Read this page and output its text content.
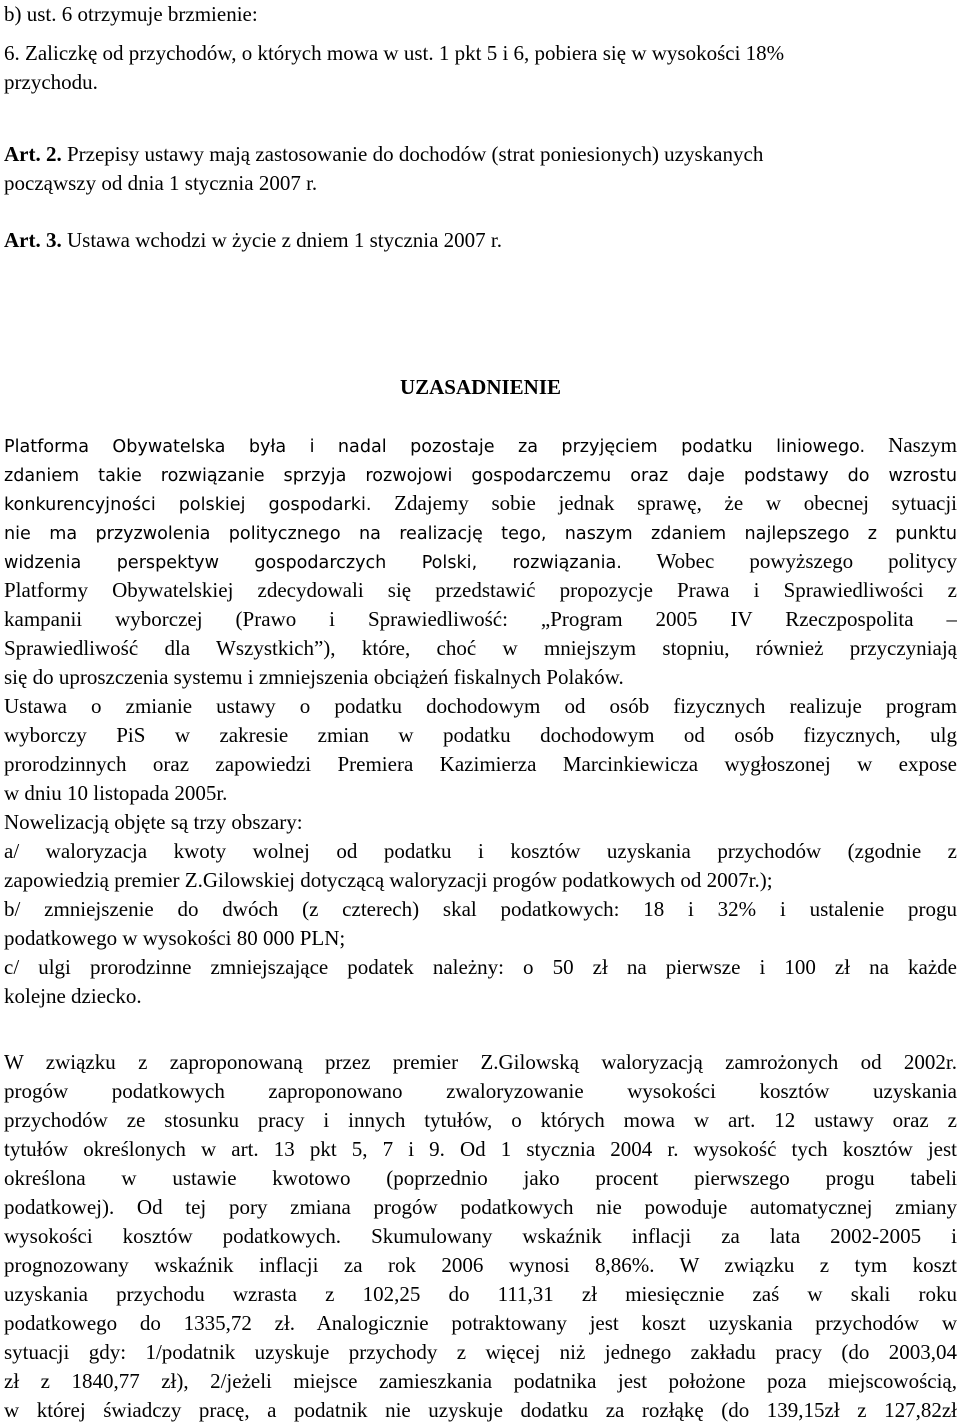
b) ust. 6 otrzymuje brzmienie:
6. Zaliczkę od przychodów, o których mowa w ust. 1 pkt 5 i 6, pobiera się w wysokości 18%
przychodu.
Art. 2. Przepisy ustawy mają zastosowanie do dochodów (strat poniesionych) uzyskanych
począwszy od dnia 1 stycznia 2007 r.
Art. 3. Ustawa wchodzi w życie z dniem 1 stycznia 2007 r.
UZASADNIENIE
Platforma Obywatelska była i nadal pozostaje za przyjęciem podatku liniowego. Naszym
zdaniem takie rozwiązanie sprzyja rozwojowi gospodarczemu oraz daje podstawy do wzrostu
konkurencyjności polskiej gospodarki. Zdajemy sobie jednak sprawę, że w obecnej sytuacji
nie ma przyzwolenia politycznego na realizację tego, naszym zdaniem najlepszego z punktu
widzenia perspektyw gospodarczych Polski, rozwiązania. Wobec powyższego politycy
Platformy Obywatelskiej zdecydowali się przedstawić propozycje Prawa i Sprawiedliwości z
kampanii wyborczej (Prawo i Sprawiedliwość: „Program 2005 IV Rzeczpospolita –
Sprawiedliwość dla Wszystkich”), które, choć w mniejszym stopniu, również przyczyniają
się do uproszczenia systemu i zmniejszenia obciążeń fiskalnych Polaków.
Ustawa o zmianie ustawy o podatku dochodowym od osób fizycznych realizuje program
wyborczy PiS w zakresie zmian w podatku dochodowym od osób fizycznych, ulg
prorodzinnych oraz zapowiedzi Premiera Kazimierza Marcinkiewicza wygłoszonej w expose
w dniu 10 listopada 2005r.
Nowelizacją objęte są trzy obszary:
a/ waloryzacja kwoty wolnej od podatku i kosztów uzyskania przychodów (zgodnie z
zapowiedzią premier Z.Gilowskiej dotyczącą waloryzacji progów podatkowych od 2007r.);
b/ zmniejszenie do dwóch (z czterech) skal podatkowych: 18 i 32% i ustalenie progu
podatkowego w wysokości 80 000 PLN;
c/ ulgi prorodzinne zmniejszające podatek należny: o 50 zł na pierwsze i 100 zł na każde
kolejne dziecko.
W związku z zaproponowaną przez premier Z.Gilowską waloryzacją zamrożonych od 2002r.
progów podatkowych zaproponowano zwaloryzowanie wysokości kosztów uzyskania
przychodów ze stosunku pracy i innych tytułów, o których mowa w art. 12 ustawy oraz z
tytułów określonych w art. 13 pkt 5, 7 i 9. Od 1 stycznia 2004 r. wysokość tych kosztów jest
określona w ustawie kwotowo (poprzednio jako procent pierwszego progu tabeli
podatkowej). Od tej pory zmiana progów podatkowych nie powoduje automatycznej zmiany
wysokości kosztów podatkowych. Skumulowany wskaźnik inflacji za lata 2002-2005 i
prognozowany wskaźnik inflacji za rok 2006 wynosi 8,86%. W związku z tym koszt
uzyskania przychodu wzrasta z 102,25 do 111,31 zł miesięcznie zaś w skali roku
podatkowego do 1335,72 zł. Analogicznie potraktowany jest koszt uzyskania przychodów w
sytuacji gdy: 1/podatnik uzyskuje przychody z więcej niż jednego zakładu pracy (do 2003,04
zł z 1840,77 zł), 2/jeżeli miejsce zamieszkania podatnika jest położone poza miejscowością,
w której świadczy pracę, a podatnik nie uzyskuje dodatku za rozłąkę (do 139,15zł z 127,82zł
